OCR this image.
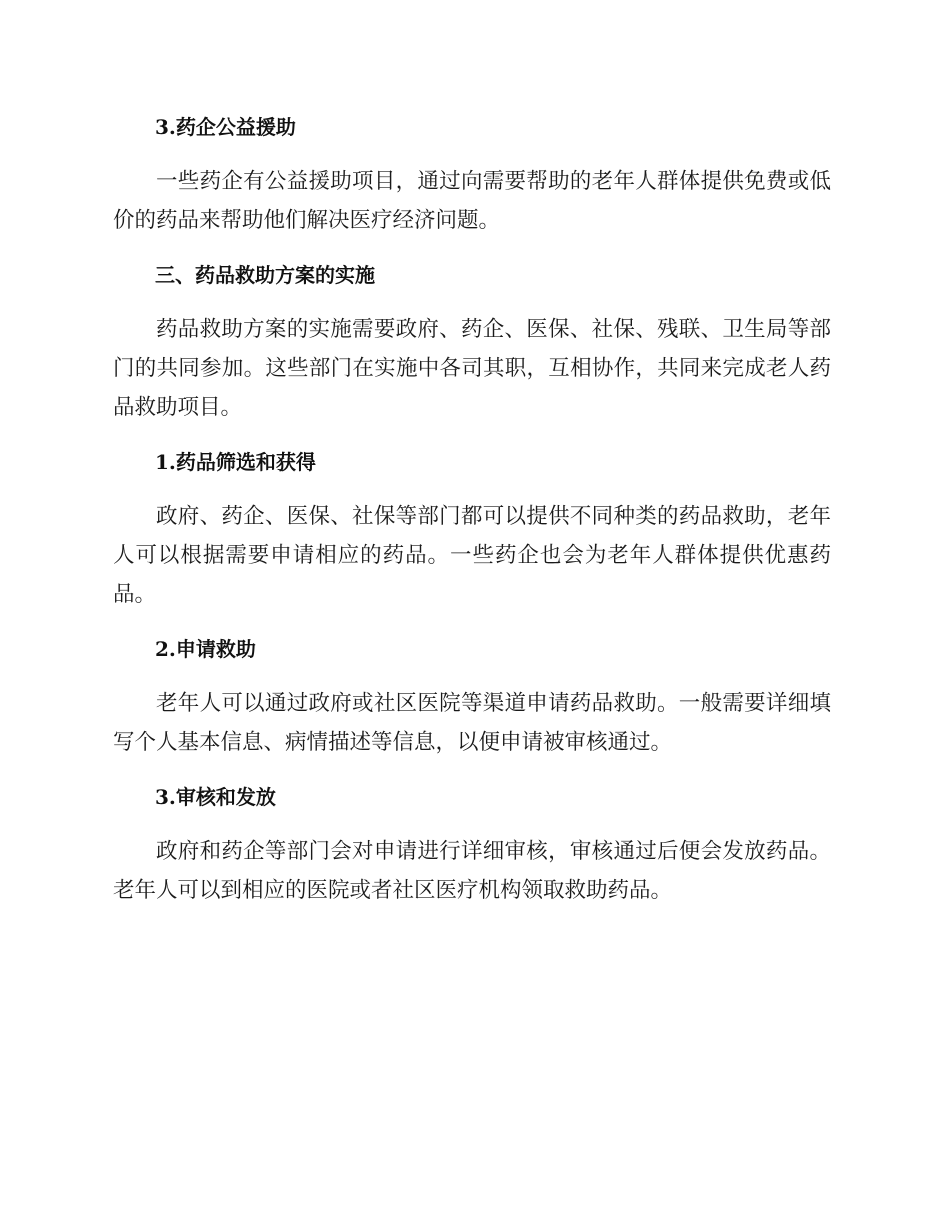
3.药企公益援助

一些药企有公益援助项目，通过向需要帮助的老年人群体提供免费或低价的药品来帮助他们解决医疗经济问题。

三、药品救助方案的实施

药品救助方案的实施需要政府、药企、医保、社保、残联、卫生局等部门的共同参加。这些部门在实施中各司其职，互相协作，共同来完成老人药品救助项目。

1.药品筛选和获得

政府、药企、医保、社保等部门都可以提供不同种类的药品救助，老年人可以根据需要申请相应的药品。一些药企也会为老年人群体提供优惠药品。

2.申请救助

老年人可以通过政府或社区医院等渠道申请药品救助。一般需要详细填写个人基本信息、病情描述等信息，以便申请被审核通过。

3.审核和发放

政府和药企等部门会对申请进行详细审核，审核通过后便会发放药品。老年人可以到相应的医院或者社区医疗机构领取救助药品。
